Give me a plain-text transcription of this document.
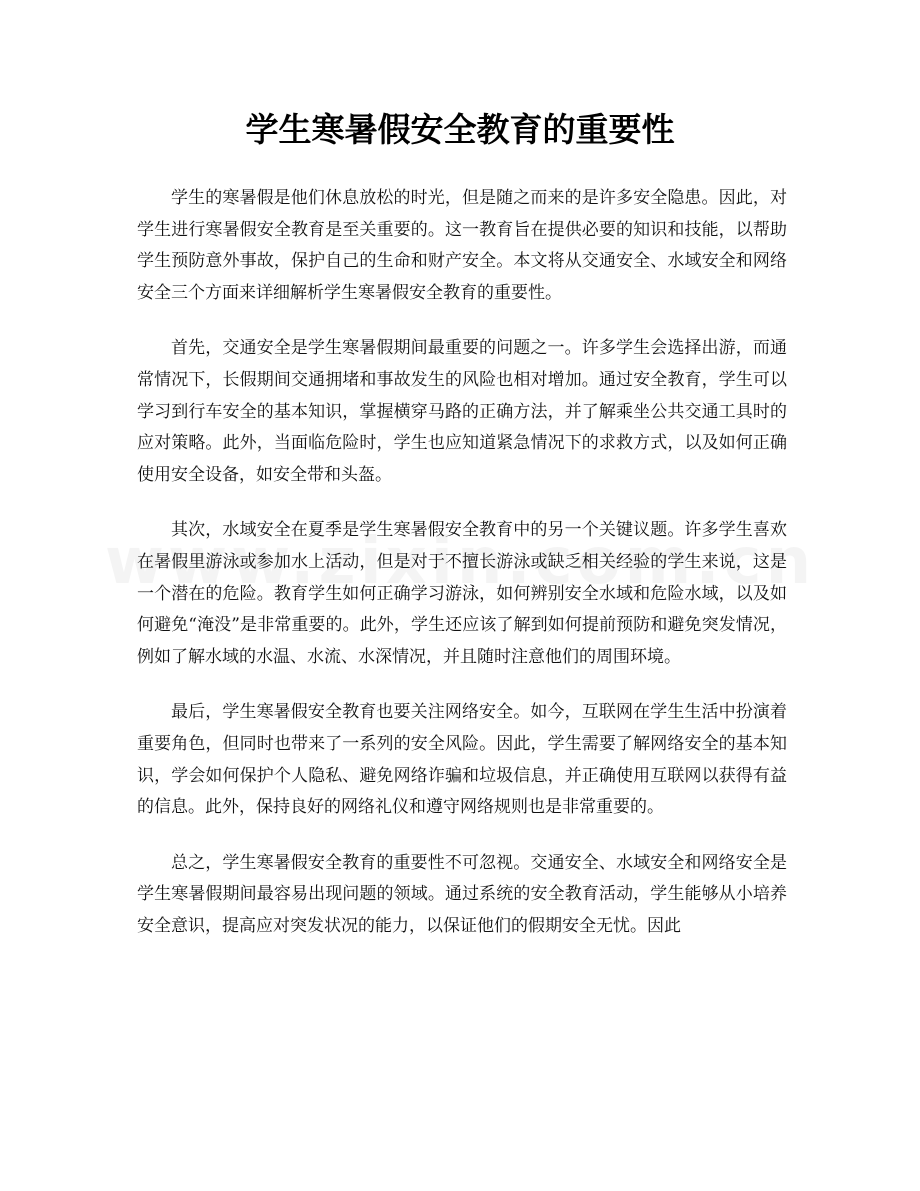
学生寒暑假安全教育的重要性

学生的寒暑假是他们休息放松的时光，但是随之而来的是许多安全隐患。因此，对学生进行寒暑假安全教育是至关重要的。这一教育旨在提供必要的知识和技能，以帮助学生预防意外事故，保护自己的生命和财产安全。本文将从交通安全、水域安全和网络安全三个方面来详细解析学生寒暑假安全教育的重要性。

首先，交通安全是学生寒暑假期间最重要的问题之一。许多学生会选择出游，而通常情况下，长假期间交通拥堵和事故发生的风险也相对增加。通过安全教育，学生可以学习到行车安全的基本知识，掌握横穿马路的正确方法，并了解乘坐公共交通工具时的应对策略。此外，当面临危险时，学生也应知道紧急情况下的求救方式，以及如何正确使用安全设备，如安全带和头盔。

其次，水域安全在夏季是学生寒暑假安全教育中的另一个关键议题。许多学生喜欢在暑假里游泳或参加水上活动，但是对于不擅长游泳或缺乏相关经验的学生来说，这是一个潜在的危险。教育学生如何正确学习游泳，如何辨别安全水域和危险水域，以及如何避免“淹没”是非常重要的。此外，学生还应该了解到如何提前预防和避免突发情况，例如了解水域的水温、水流、水深情况，并且随时注意他们的周围环境。

最后，学生寒暑假安全教育也要关注网络安全。如今，互联网在学生生活中扮演着重要角色，但同时也带来了一系列的安全风险。因此，学生需要了解网络安全的基本知识，学会如何保护个人隐私、避免网络诈骗和垃圾信息，并正确使用互联网以获得有益的信息。此外，保持良好的网络礼仪和遵守网络规则也是非常重要的。

总之，学生寒暑假安全教育的重要性不可忽视。交通安全、水域安全和网络安全是学生寒暑假期间最容易出现问题的领域。通过系统的安全教育活动，学生能够从小培养安全意识，提高应对突发状况的能力，以保证他们的假期安全无忧。因此
